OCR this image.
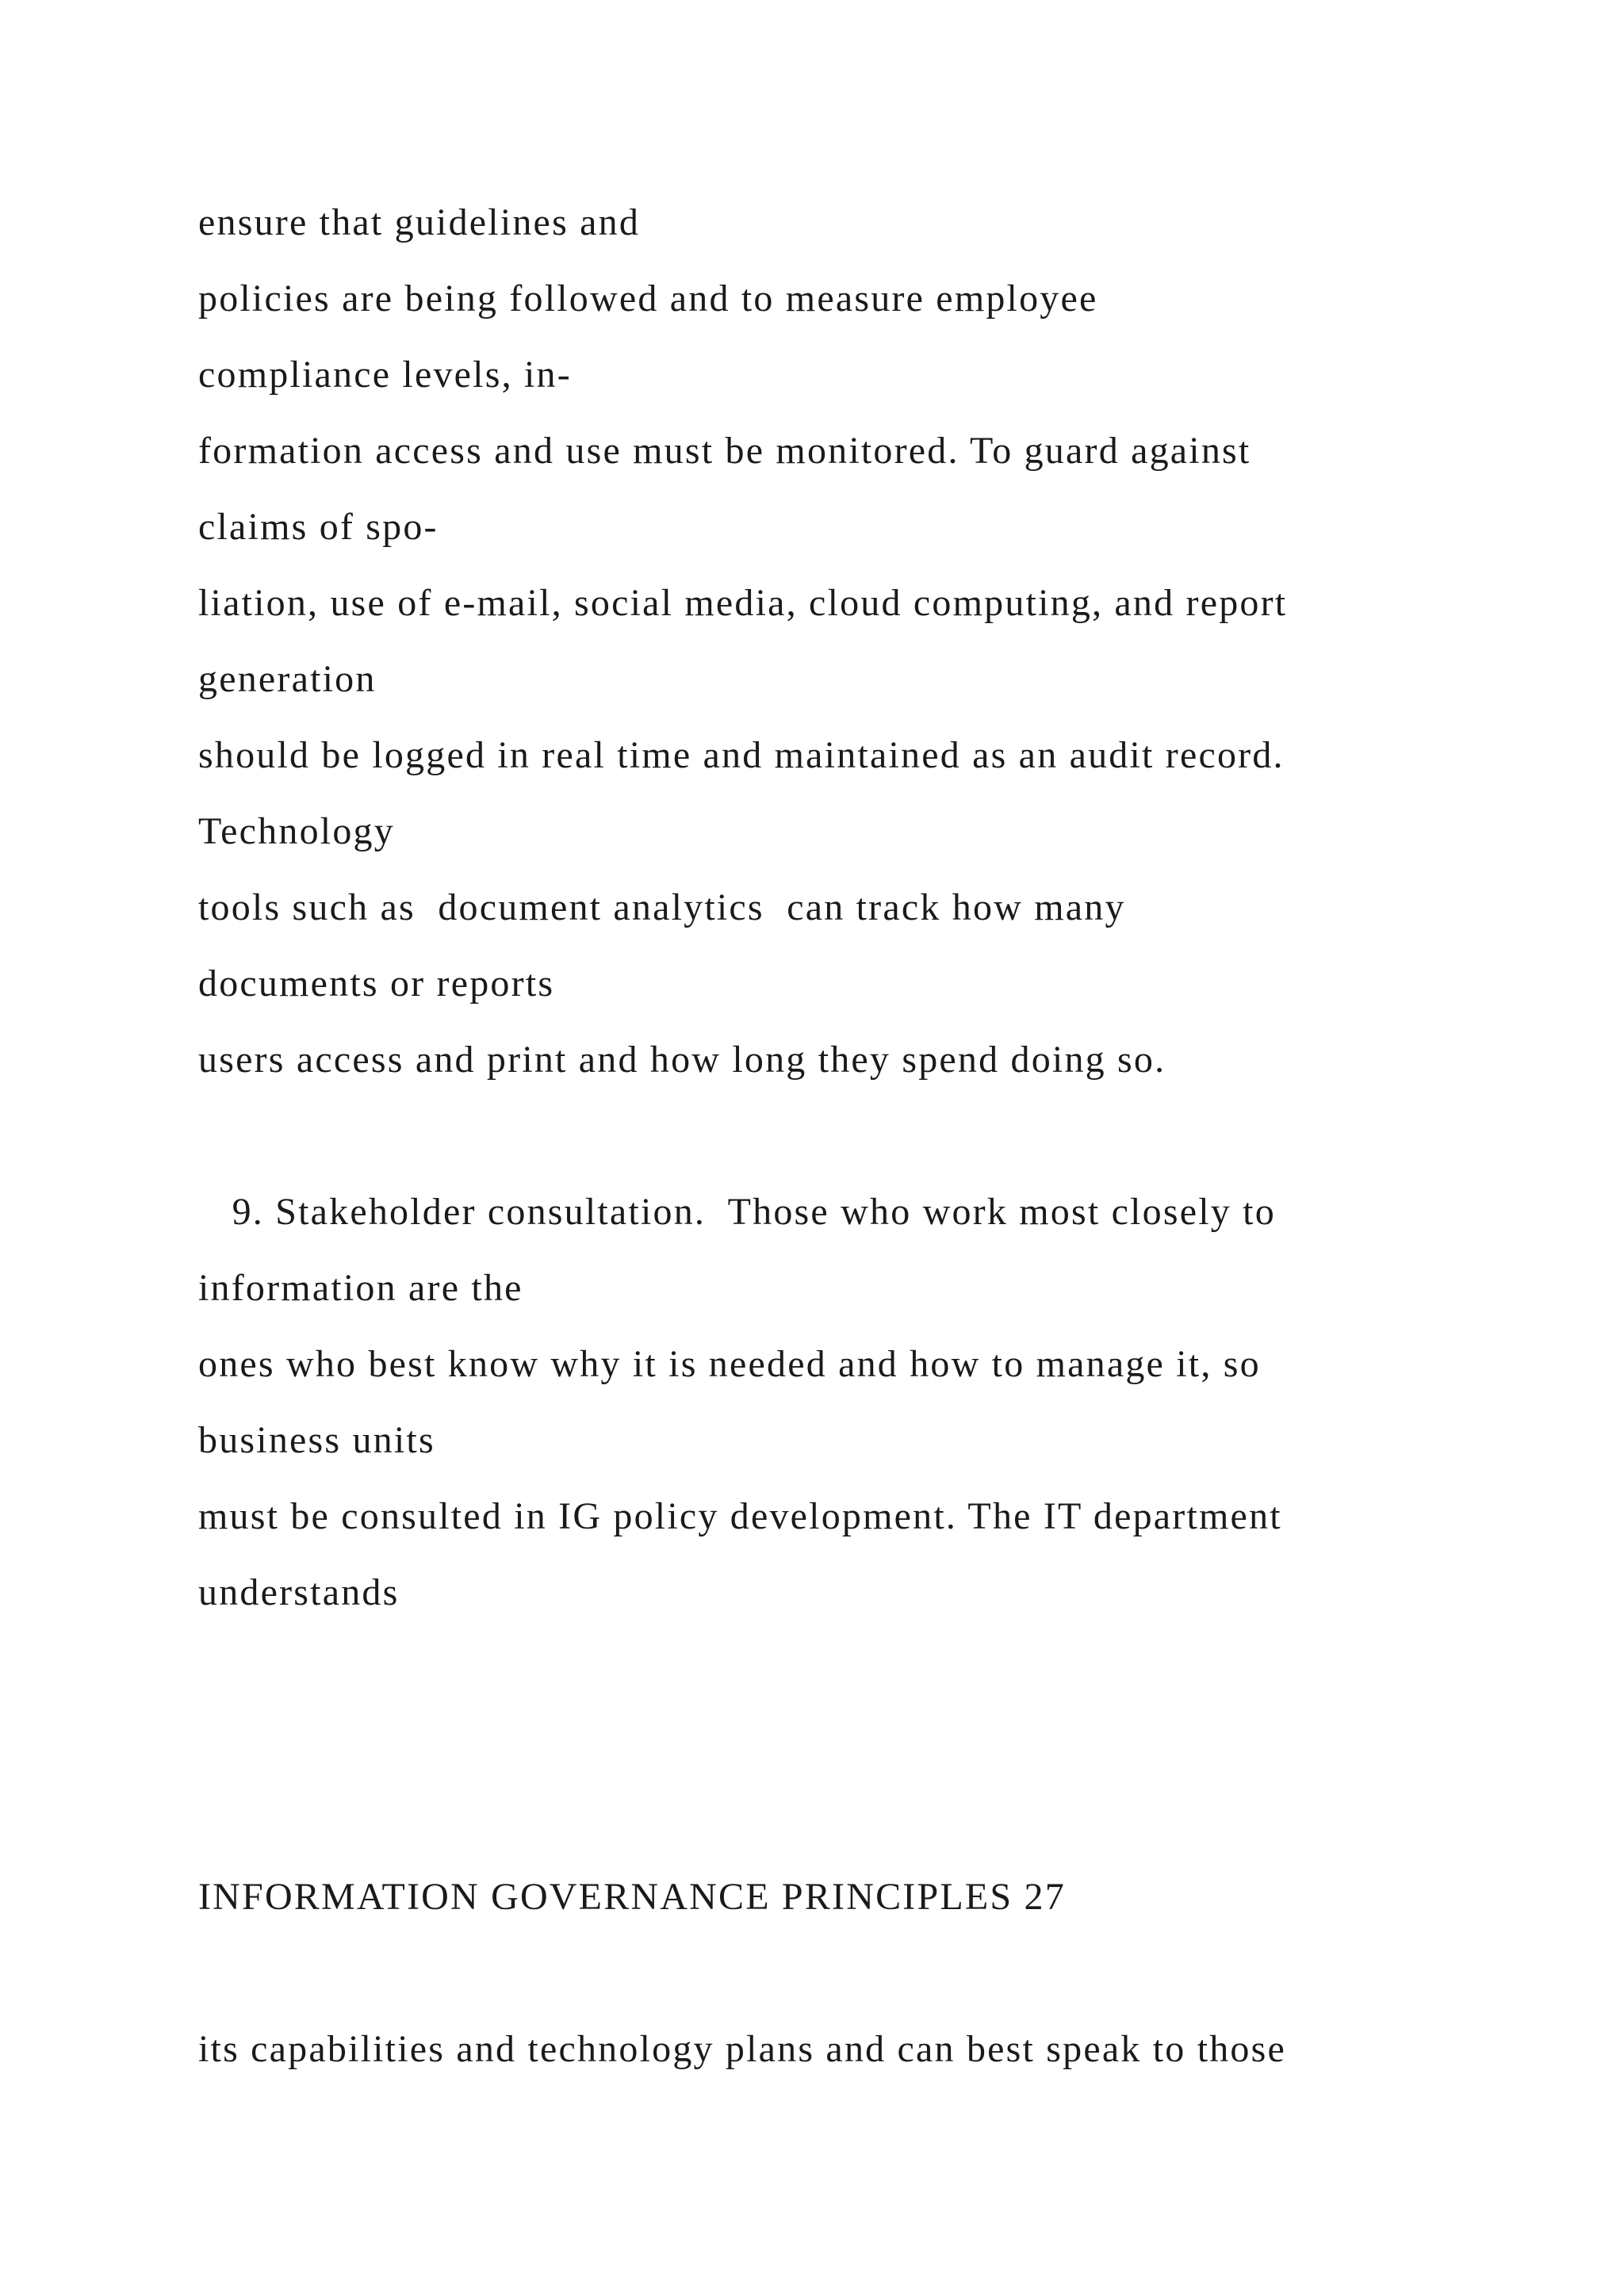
ensure that guidelines and
policies are being followed and to measure employee
compliance levels, in-
formation access and use must be monitored. To guard against
claims of spo-
liation, use of e-mail, social media, cloud computing, and report
generation
should be logged in real time and maintained as an audit record.
Technology
tools such as  document analytics  can track how many
documents or reports
users access and print and how long they spend doing so.
9. Stakeholder consultation.  Those who work most closely to
information are the
ones who best know why it is needed and how to manage it, so
business units
must be consulted in IG policy development. The IT department
understands
INFORMATION GOVERNANCE PRINCIPLES 27
its capabilities and technology plans and can best speak to those
